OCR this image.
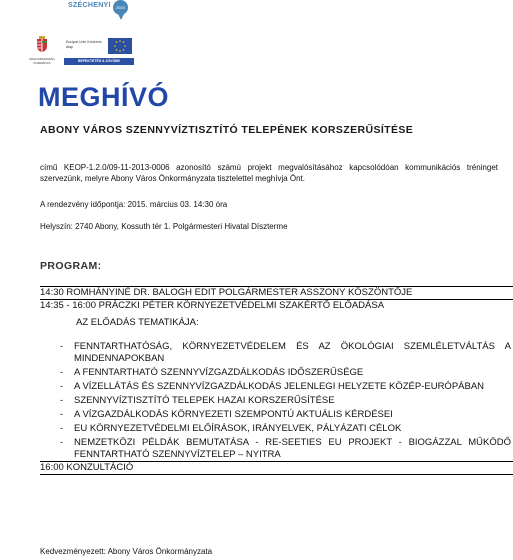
SZÉCHENYI	2020
MAGYARORSZÁG KORMÁNYA
Európai Unió Kohéziós Alap
BEFEKTETÉS A JÖVŐBE
MEGHÍVÓ
ABONY VÁROS SZENNYVÍZTISZTÍTÓ TELEPÉNEK KORSZERŰSÍTÉSE
című KEOP-1.2.0/09-11-2013-0006 azonosító számú projekt megvalósításához kapcsolódóan kommunikációs tréninget szervezünk, melyre Abony Város Önkormányzata tisztelettel meghívja Önt.
A rendezvény időpontja: 2015. március 03. 14:30 óra
Helyszín: 2740 Abony, Kossuth tér 1. Polgármesteri Hivatal Díszterme
PROGRAM:
14:30 ROMHÁNYINÉ DR. BALOGH EDIT POLGÁRMESTER ASSZONY KÖSZÖNTŐJE
14:35 - 16:00 PRÁCZKI PÉTER KÖRNYEZETVÉDELMI SZAKÉRTŐ ELŐADÁSA
AZ ELŐADÁS TEMATIKÁJA:
- FENNTARTHATÓSÁG, KÖRNYEZETVÉDELEM ÉS AZ ÖKOLÓGIAI SZEMLÉLETVÁLTÁS A MINDENNAPOKBAN
- A FENNTARTHATÓ SZENNYVÍZGAZDÁLKODÁS IDŐSZERŰSÉGE
- A VÍZELLÁTÁS ÉS SZENNYVÍZGAZDÁLKODÁS JELENLEGI HELYZETE KÖZÉP-EURÓPÁBAN
- SZENNYVÍZTISZTÍTÓ TELEPEK HAZAI KORSZERŰSÍTÉSE
- A VÍZGAZDÁLKODÁS KÖRNYEZETI SZEMPONTÚ AKTUÁLIS KÉRDÉSEI
- EU KÖRNYEZETVÉDELMI ELŐÍRÁSOK, IRÁNYELVEK, PÁLYÁZATI CÉLOK
- NEMZETKÖZI PÉLDÁK BEMUTATÁSA - RE-SEETIES EU PROJEKT - BIOGÁZZAL MŰKÖDŐ FENNTARTHATÓ SZENNYVÍZTELEP – NYITRA
16:00 KONZULTÁCIÓ
Kedvezményezett: Abony Város Önkormányzata
